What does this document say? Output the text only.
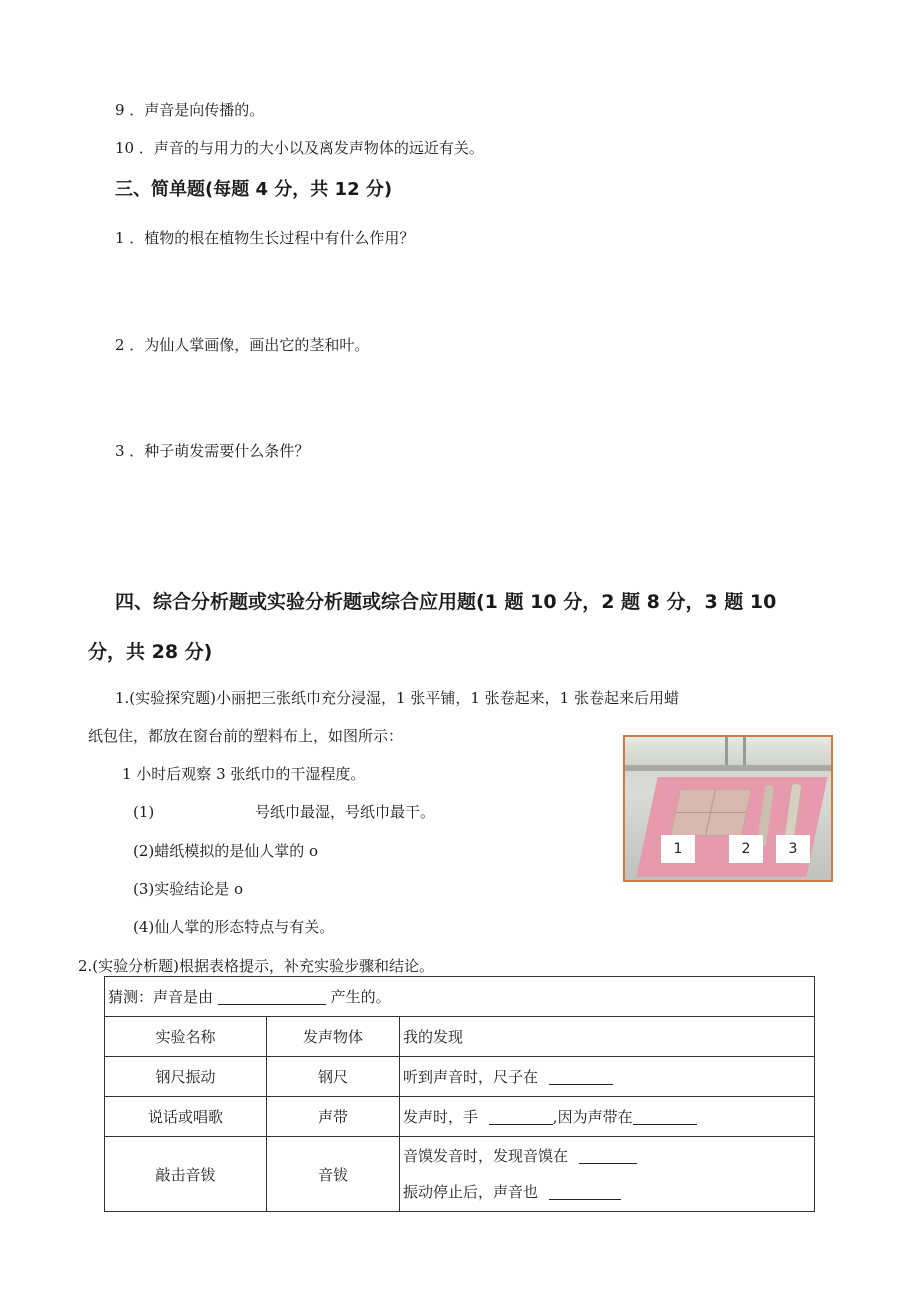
9 ．声音是向传播的。
10 ．声音的与用力的大小以及离发声物体的远近有关。
三、简单题(每题 4 分，共 12 分)
1 ．植物的根在植物生长过程中有什么作用？
2 ．为仙人掌画像，画出它的茎和叶。
3 ．种子萌发需要什么条件？
四、综合分析题或实验分析题或综合应用题(1 题 10 分，2 题 8 分，3 题 10
分，共 28 分)
1.(实验探究题)小丽把三张纸巾充分浸湿，1 张平铺，1 张卷起来，1 张卷起来后用蜡
纸包住，都放在窗台前的塑料布上，如图所示：
1 小时后观察 3 张纸巾的干湿程度。
(1)	号纸巾最湿，号纸巾最干。
(2)蜡纸模拟的是仙人掌的 o
(3)实验结论是 o
(4)仙人掌的形态特点与有关。
1	2	3
2.(实验分析题)根据表格提示，补充实验步骤和结论。
猜测：声音是由 产生的。		
实验名称	发声物体	我的发现
钢尺振动	钢尺	听到声音时，尺子在
说话或唱歌	声带	发声时，手 ,因为声带在
敲击音钹	音钹	音馍发音时，发现音馍在
振动停止后，声音也
